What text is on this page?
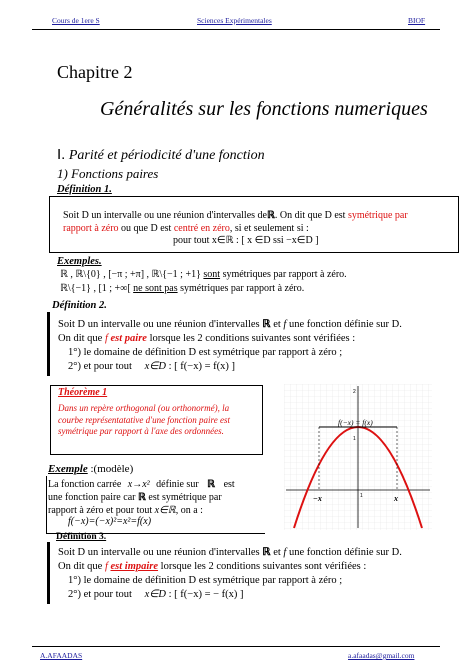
Cours de 1ere S	Sciences Expérimentales	BIOF
Chapitre 2
Généralités sur les fonctions numeriques
I. Parité et périodicité d'une fonction
1) Fonctions paires
Définition 1.
Soit D un intervalle ou une réunion d'intervalles deℝ. On dit que D est symétrique par
rapport à zéro ou que D est centré en zéro, si et seulement si :
pour tout x∈ℝ : [ x ∈D ssi −x∈D ]
Exemples.
ℝ , ℝ\{0} , [−π ; +π] , ℝ\{−1 ; +1} sont symétriques par rapport à zéro.
ℝ\{−1} , [1 ; +∞[ ne sont pas symétriques par rapport à zéro.
Définition 2.
Soit D un intervalle ou une réunion d'intervalles ℝ et f une fonction définie sur D.
On dit que f est paire lorsque les 2 conditions suivantes sont vérifiées :
1°) le domaine de définition D est symétrique par rapport à zéro ;
2°) et pour tout x∈D : [ f(−x) = f(x) ]
Théorème 1
Dans un repère orthogonal (ou orthonormé), la
courbe représentatative d'une fonction paire est
symétrique par rapport à l'axe des ordonnées.
Exemple :(modèle)
La fonction carrée x→x² définie sur ℝ est
une fonction paire car ℝ est symétrique par
rapport à zéro et pour tout x∈ℝ, on a :
f(−x)=(−x)²=x²=f(x)
f(−x) = f(x)
−x	x
1
2
1
Définition 3.
Soit D un intervalle ou une réunion d'intervalles ℝ et f une fonction définie sur D.
On dit que f est impaire lorsque les 2 conditions suivantes sont vérifiées :
1°) le domaine de définition D est symétrique par rapport à zéro ;
2°) et pour tout x∈D : [ f(−x) = − f(x) ]
A.AFAADAS	a.afaadas@gmail.com
